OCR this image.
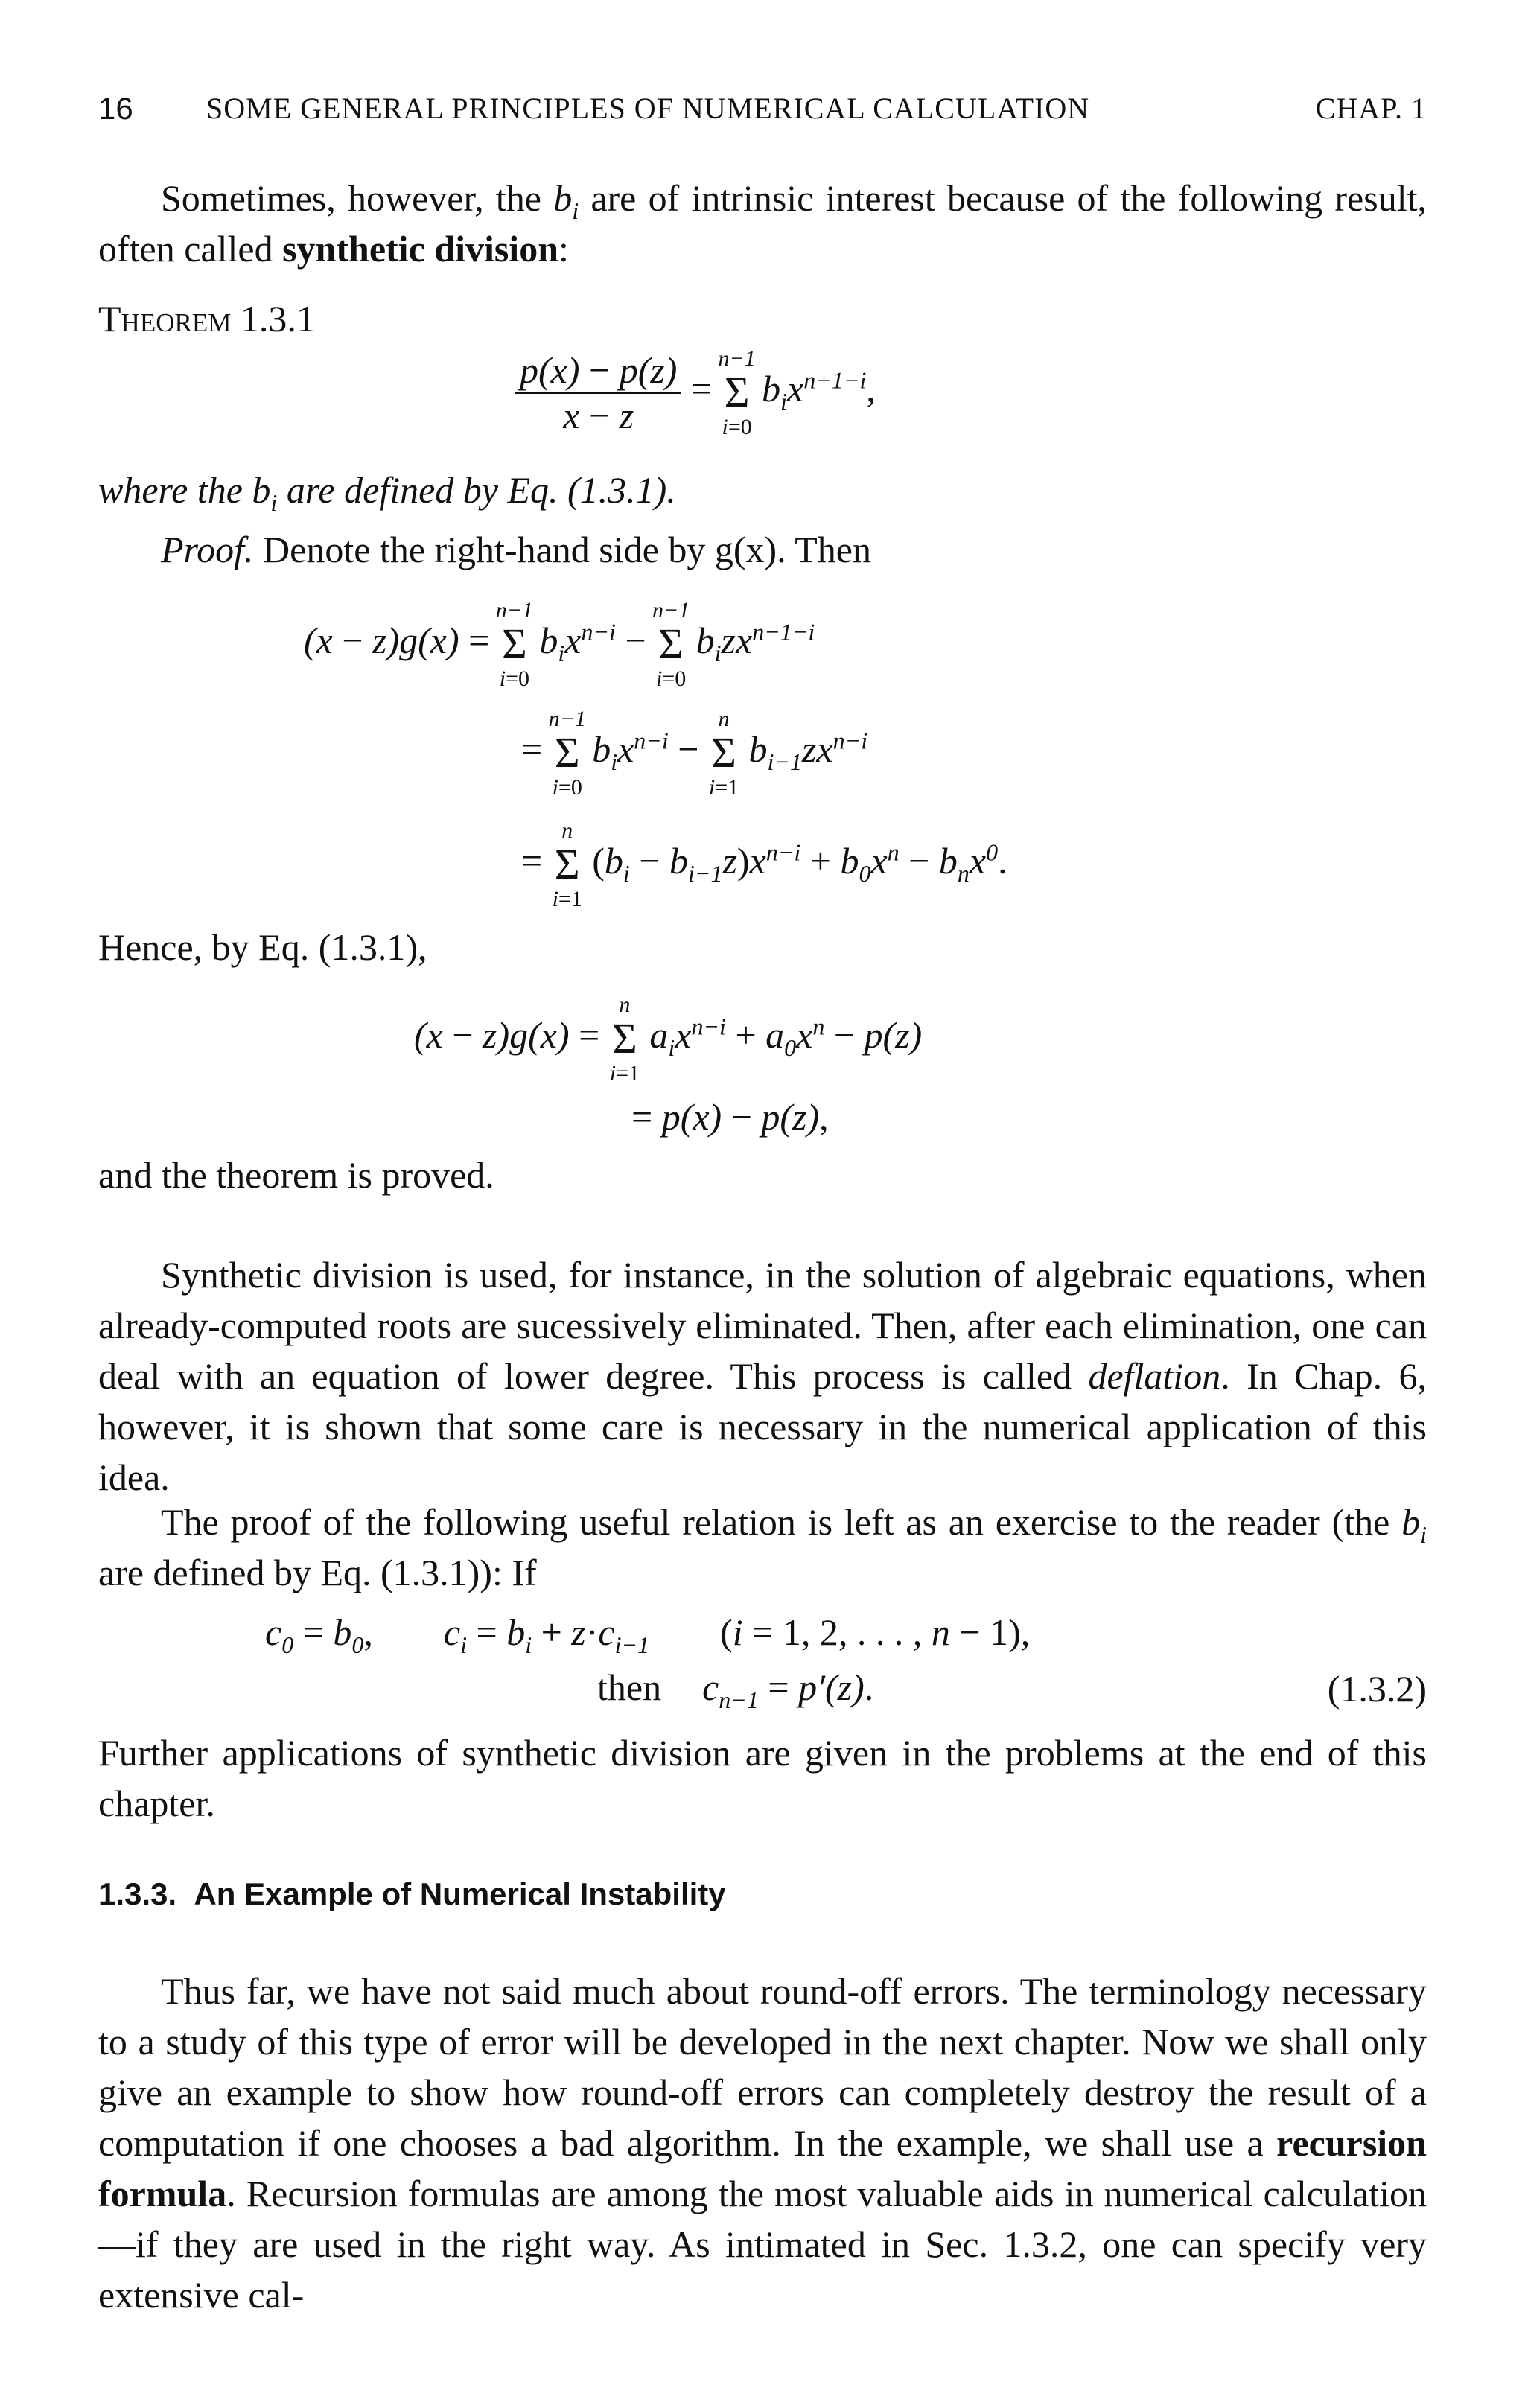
16 SOME GENERAL PRINCIPLES OF NUMERICAL CALCULATION	CHAP. 1
Sometimes, however, the $b_i$ are of intrinsic interest because of the following result, often called synthetic division:
Theorem 1.3.1
$\frac{p(x) - p(z)}{x - z}$ =
n−1
Σ
i=0
$b_ix^{n-1-i}$,
where the $b_i$ are defined by Eq. (1.3.1).
Proof. Denote the right-hand side by g(x). Then
(x − z)g(x) =
n−1
Σ
i=0
$b_ix^{n-i}$ −
n−1
Σ
i=0
$b_izx^{n-1-i}$
=
n−1
Σ
i=0
$b_ix^{n-i}$ −
n
Σ
i=1
$b_{i-1}zx^{n-i}$
=
n
Σ
i=1
$(b_i - b_{i-1}z)x^{n-i} + b_0x^n - b_nx^0$.
Hence, by Eq. (1.3.1),
(x − z)g(x) =
n
Σ
i=1
$a_ix^{n-i} + a_0x^n - p(z)$
= p(x) − p(z),
and the theorem is proved.
Synthetic division is used, for instance, in the solution of algebraic equations, when already-computed roots are sucessively eliminated. Then, after each elimination, one can deal with an equation of lower degree. This process is called deflation. In Chap. 6, however, it is shown that some care is necessary in the numerical application of this idea.
The proof of the following useful relation is left as an exercise to the reader (the $b_i$ are defined by Eq. (1.3.1)): If
$c_0 = b_0$,  $c_i = b_i + z\cdot c_{i-1}$ (i = 1, 2, . . . , n − 1),
then  $c_{n-1} = p'(z)$.	(1.3.2)
Further applications of synthetic division are given in the problems at the end of this chapter.
1.3.3. An Example of Numerical Instability
Thus far, we have not said much about round-off errors. The terminology necessary to a study of this type of error will be developed in the next chapter. Now we shall only give an example to show how round-off errors can completely destroy the result of a computation if one chooses a bad algorithm. In the example, we shall use a recursion formula. Recursion formulas are among the most valuable aids in numerical calculation—if they are used in the right way. As intimated in Sec. 1.3.2, one can specify very extensive cal-
